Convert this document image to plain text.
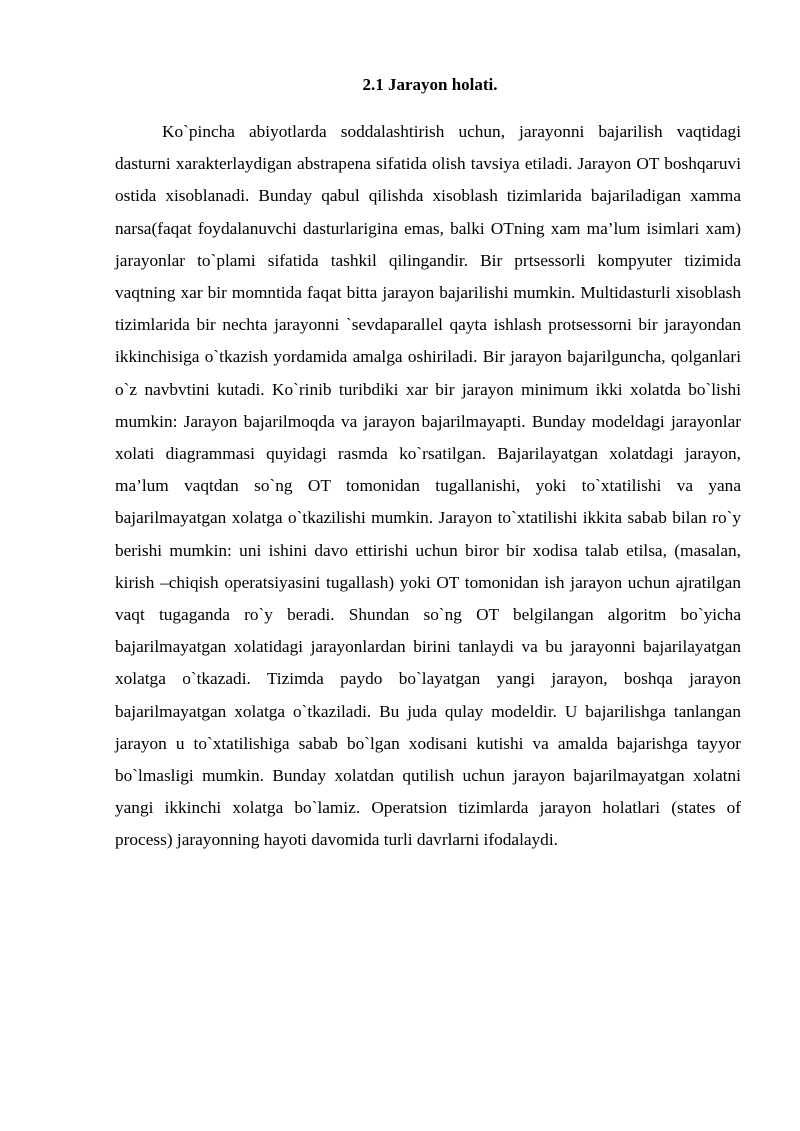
2.1 Jarayon holati.

Ko`pincha abiyotlarda soddalashtirish uchun, jarayonni bajarilish vaqtidagi dasturni xarakterlaydigan abstrapena sifatida olish tavsiya etiladi. Jarayon OT boshqaruvi ostida xisoblanadi. Bunday qabul qilishda xisoblash tizimlarida bajariladigan xamma narsa(faqat foydalanuvchi dasturlarigina emas, balki OTning xam ma’lum isimlari xam) jarayonlar to`plami sifatida tashkil qilingandir. Bir prtsessorli kompyuter tizimida vaqtning xar bir momntida faqat bitta jarayon bajarilishi mumkin. Multidasturli xisoblash tizimlarida bir nechta jarayonni `sevdaparallel qayta ishlash protsessorni bir jarayondan ikkinchisiga o`tkazish yordamida amalga oshiriladi. Bir jarayon bajarilguncha, qolganlari o`z navbvtini kutadi. Ko`rinib turibdiki xar bir jarayon minimum ikki xolatda bo`lishi mumkin: Jarayon bajarilmoqda va jarayon bajarilmayapti. Bunday modeldagi jarayonlar xolati diagrammasi quyidagi rasmda ko`rsatilgan. Bajarilayatgan xolatdagi jarayon, ma’lum vaqtdan so`ng OT tomonidan tugallanishi, yoki to`xtatilishi va yana bajarilmayatgan xolatga o`tkazilishi mumkin. Jarayon to`xtatilishi ikkita sabab bilan ro`y berishi mumkin: uni ishini davo ettirishi uchun biror bir xodisa talab etilsa, (masalan, kirish –chiqish operatsiyasini tugallash) yoki OT tomonidan ish jarayon uchun ajratilgan vaqt tugaganda ro`y beradi. Shundan so`ng OT belgilangan algoritm bo`yicha bajarilmayatgan xolatidagi jarayonlardan birini tanlaydi va bu jarayonni bajarilayatgan xolatga o`tkazadi. Tizimda paydo bo`layatgan yangi jarayon, boshqa jarayon bajarilmayatgan xolatga o`tkaziladi. Bu juda qulay modeldir. U bajarilishga tanlangan jarayon u to`xtatilishiga sabab bo`lgan xodisani kutishi va amalda bajarishga tayyor bo`lmasligi mumkin. Bunday xolatdan qutilish uchun jarayon bajarilmayatgan xolatni yangi ikkinchi xolatga bo`lamiz. Operatsion tizimlarda jarayon holatlari (states of process) jarayonning hayoti davomida turli davrlarni ifodalaydi.
